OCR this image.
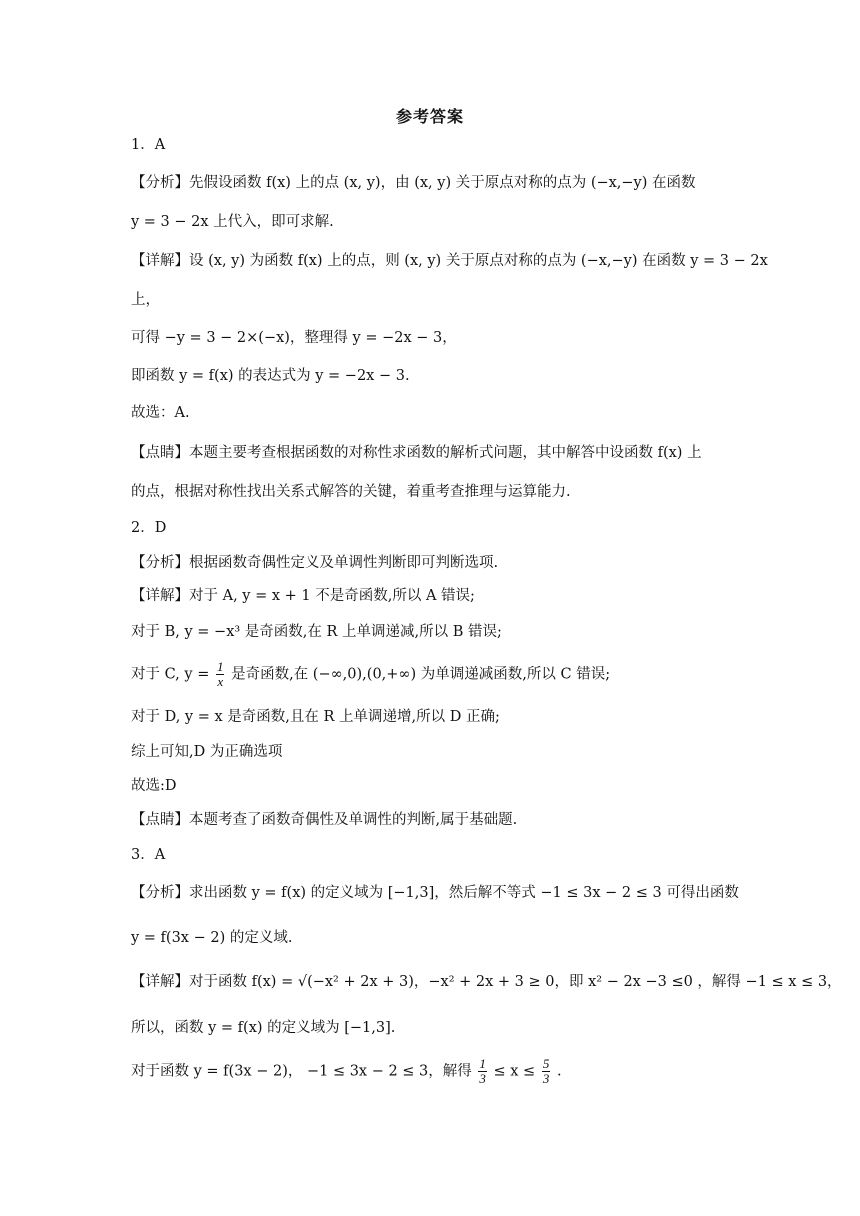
参考答案
1．A
【分析】先假设函数 f(x) 上的点 (x, y)，由 (x, y) 关于原点对称的点为 (−x,−y) 在函数
y = 3 − 2x 上代入，即可求解.
【详解】设 (x, y) 为函数 f(x) 上的点，则 (x, y) 关于原点对称的点为 (−x,−y) 在函数 y = 3 − 2x
上，
可得 −y = 3 − 2×(−x)，整理得 y = −2x − 3，
即函数 y = f(x) 的表达式为 y = −2x − 3.
故选：A.
【点睛】本题主要考查根据函数的对称性求函数的解析式问题，其中解答中设函数 f(x) 上
的点，根据对称性找出关系式解答的关键，着重考查推理与运算能力.
2．D
【分析】根据函数奇偶性定义及单调性判断即可判断选项.
【详解】对于 A, y = x + 1 不是奇函数,所以 A 错误;
对于 B, y = −x³ 是奇函数,在 R 上单调递减,所以 B 错误;
对于 C, $y = \frac{1}{x}$ 是奇函数,在 (−∞,0),(0,+∞) 为单调递减函数,所以 C 错误;
对于 D, y = x 是奇函数,且在 R 上单调递增,所以 D 正确;
综上可知,D 为正确选项
故选:D
【点睛】本题考查了函数奇偶性及单调性的判断,属于基础题.
3．A
【分析】求出函数 y = f(x) 的定义域为 [−1,3]，然后解不等式 −1 ≤ 3x − 2 ≤ 3 可得出函数
y = f(3x − 2) 的定义域.
【详解】对于函数 f(x) = √(−x² + 2x + 3)，−x² + 2x + 3 ≥ 0，即 x² − 2x −3 ≤0 ，解得 −1 ≤ x ≤ 3，
所以，函数 y = f(x) 的定义域为 [−1,3].
对于函数 y = f(3x − 2)， −1 ≤ 3x − 2 ≤ 3，解得 $\frac{1}{3} \le x \le \frac{5}{3}$ .
